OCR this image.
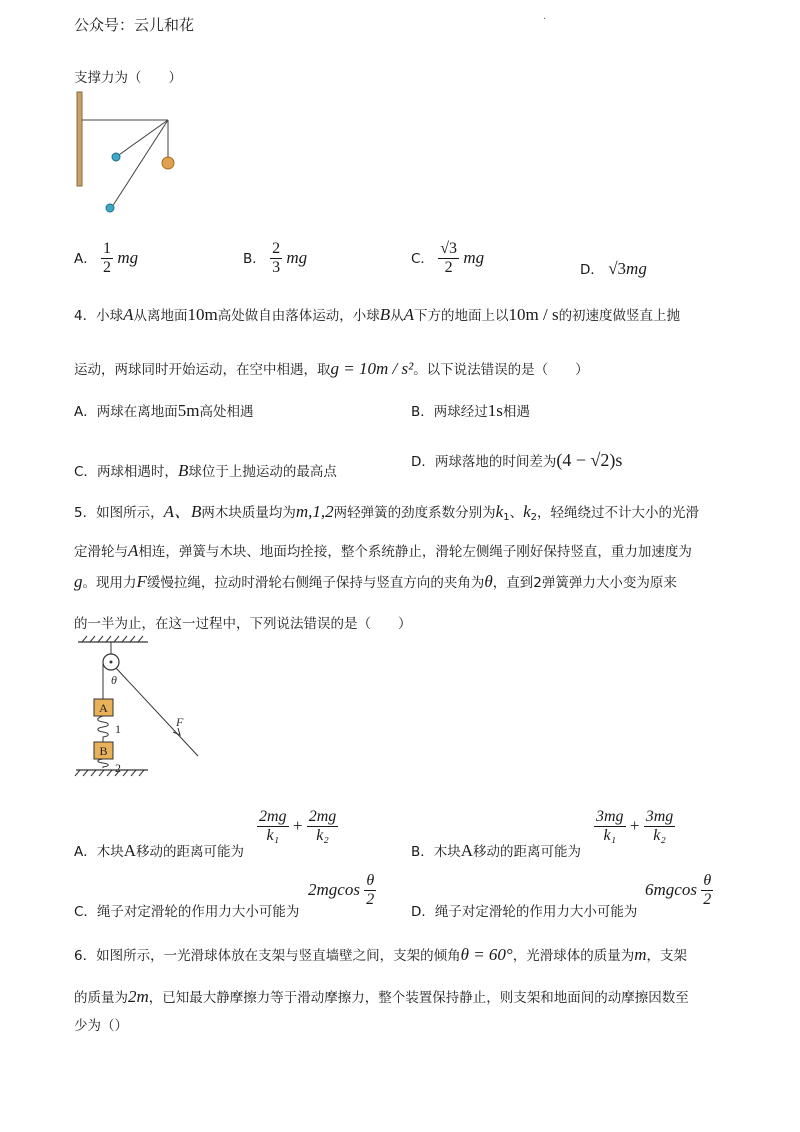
公众号：云儿和花	·
支撑力为（　　）
A． $\frac{1}{2}$ mg	B． $\frac{2}{3}$ mg	C． $\frac{√3}{2}$ mg
D． √3mg
4．小球A从离地面10m高处做自由落体运动，小球B从A下方的地面上以10m / s的初速度做竖直上抛
运动，两球同时开始运动，在空中相遇，取g = 10m / s²。以下说法错误的是（　　）
A．两球在离地面5m高处相遇	B．两球经过1s相遇
C．两球相遇时，B球位于上抛运动的最高点
D．两球落地的时间差为(4 − √2)s
5．如图所示，A、B两木块质量均为m,1,2两轻弹簧的劲度系数分别为$k_1$、$k_2$，轻绳绕过不计大小的光滑
定滑轮与A相连，弹簧与木块、地面均拴接，整个系统静止，滑轮左侧绳子刚好保持竖直，重力加速度为
g。现用力F缓慢拉绳，拉动时滑轮右侧绳子保持与竖直方向的夹角为θ，直到2弹簧弹力大小变为原来
的一半为止，在这一过程中，下列说法错误的是（　　）
θ
F
A
1
B
2
A．木块A移动的距离可能为
$\frac{2mg}{\text{k₁}} + \frac{2mg}{\text{k₂}}$
B．木块A移动的距离可能为
$\frac{3mg}{\text{k₁}} + \frac{3mg}{\text{k₂}}$
C．绳子对定滑轮的作用力大小可能为
$2mgcos \frac{\theta}{2}$
D．绳子对定滑轮的作用力大小可能为
$6mgcos \frac{\theta}{2}$
6．如图所示，一光滑球体放在支架与竖直墙壁之间，支架的倾角θ = 60°，光滑球体的质量为m，支架
的质量为2m，已知最大静摩擦力等于滑动摩擦力，整个装置保持静止，则支架和地面间的动摩擦因数至
少为（）
